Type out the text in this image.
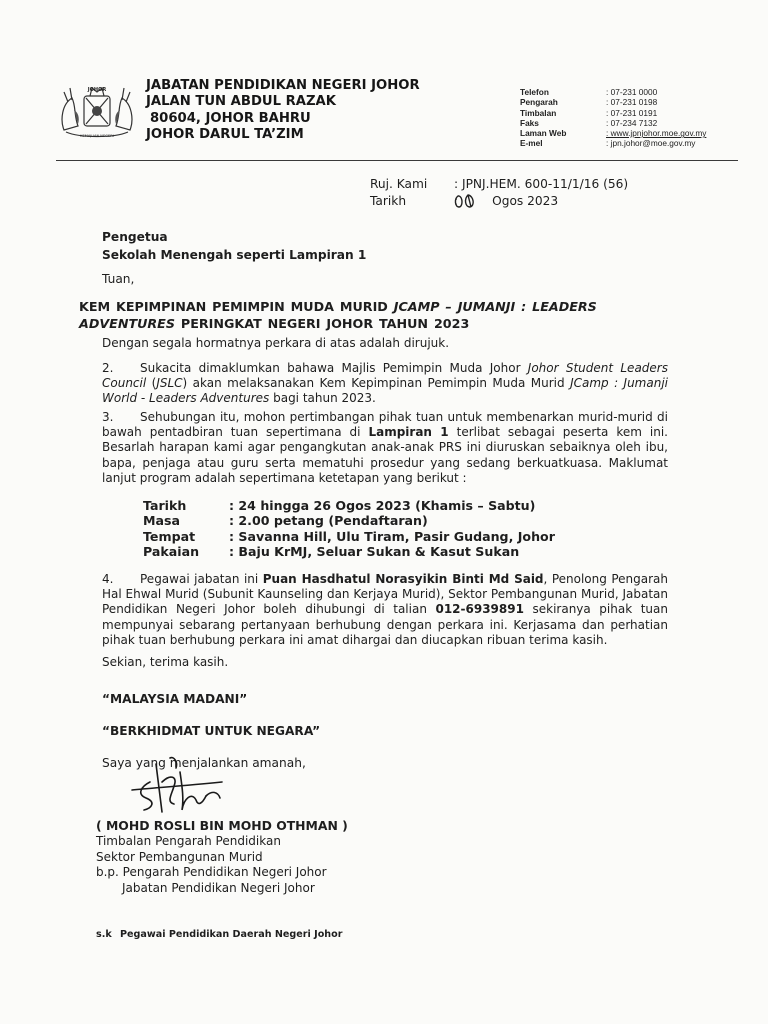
JOHOR
KEMAJUAN NEGERI
JABATAN PENDIDIKAN NEGERI JOHOR
JALAN TUN ABDUL RAZAK
80604, JOHOR BAHRU
JOHOR DARUL TA’ZIM
Telefon	: 07-231 0000
Pengarah	: 07-231 0198
Timbalan	: 07-231 0191
Faks	: 07-234 7132
Laman Web	: www.jpnjohor.moe.gov.my
E-mel	: jpn.johor@moe.gov.my
Ruj. Kami	: JPNJ.HEM. 600-11/1/16 (56)
Tarikh	:	Ogos 2023
Pengetua
Sekolah Menengah seperti Lampiran 1
Tuan,
KEM KEPIMPINAN PEMIMPIN MUDA MURID JCAMP – JUMANJI : LEADERS ADVENTURES PERINGKAT NEGERI JOHOR TAHUN 2023
Dengan segala hormatnya perkara di atas adalah dirujuk.
2. Sukacita dimaklumkan bahawa Majlis Pemimpin Muda Johor Johor Student Leaders Council (JSLC) akan melaksanakan Kem Kepimpinan Pemimpin Muda Murid JCamp : Jumanji World - Leaders Adventures bagi tahun 2023.
3. Sehubungan itu, mohon pertimbangan pihak tuan untuk membenarkan murid-murid di bawah pentadbiran tuan sepertimana di Lampiran 1 terlibat sebagai peserta kem ini. Besarlah harapan kami agar pengangkutan anak-anak PRS ini diuruskan sebaiknya oleh ibu, bapa, penjaga atau guru serta mematuhi prosedur yang sedang berkuatkuasa. Maklumat lanjut program adalah sepertimana ketetapan yang berikut :
Tarikh	: 24 hingga 26 Ogos 2023 (Khamis – Sabtu)
Masa	: 2.00 petang (Pendaftaran)
Tempat	: Savanna Hill, Ulu Tiram, Pasir Gudang, Johor
Pakaian	: Baju KrMJ, Seluar Sukan & Kasut Sukan
4. Pegawai jabatan ini Puan Hasdhatul Norasyikin Binti Md Said, Penolong Pengarah Hal Ehwal Murid (Subunit Kaunseling dan Kerjaya Murid), Sektor Pembangunan Murid, Jabatan Pendidikan Negeri Johor boleh dihubungi di talian 012-6939891 sekiranya pihak tuan mempunyai sebarang pertanyaan berhubung dengan perkara ini. Kerjasama dan perhatian pihak tuan berhubung perkara ini amat dihargai dan diucapkan ribuan terima kasih.
Sekian, terima kasih.
“MALAYSIA MADANI”
“BERKHIDMAT UNTUK NEGARA”
Saya yang menjalankan amanah,
( MOHD ROSLI BIN MOHD OTHMAN )
Timbalan Pengarah Pendidikan
Sektor Pembangunan Murid
b.p. Pengarah Pendidikan Negeri Johor
Jabatan Pendidikan Negeri Johor
s.k Pegawai Pendidikan Daerah Negeri Johor
